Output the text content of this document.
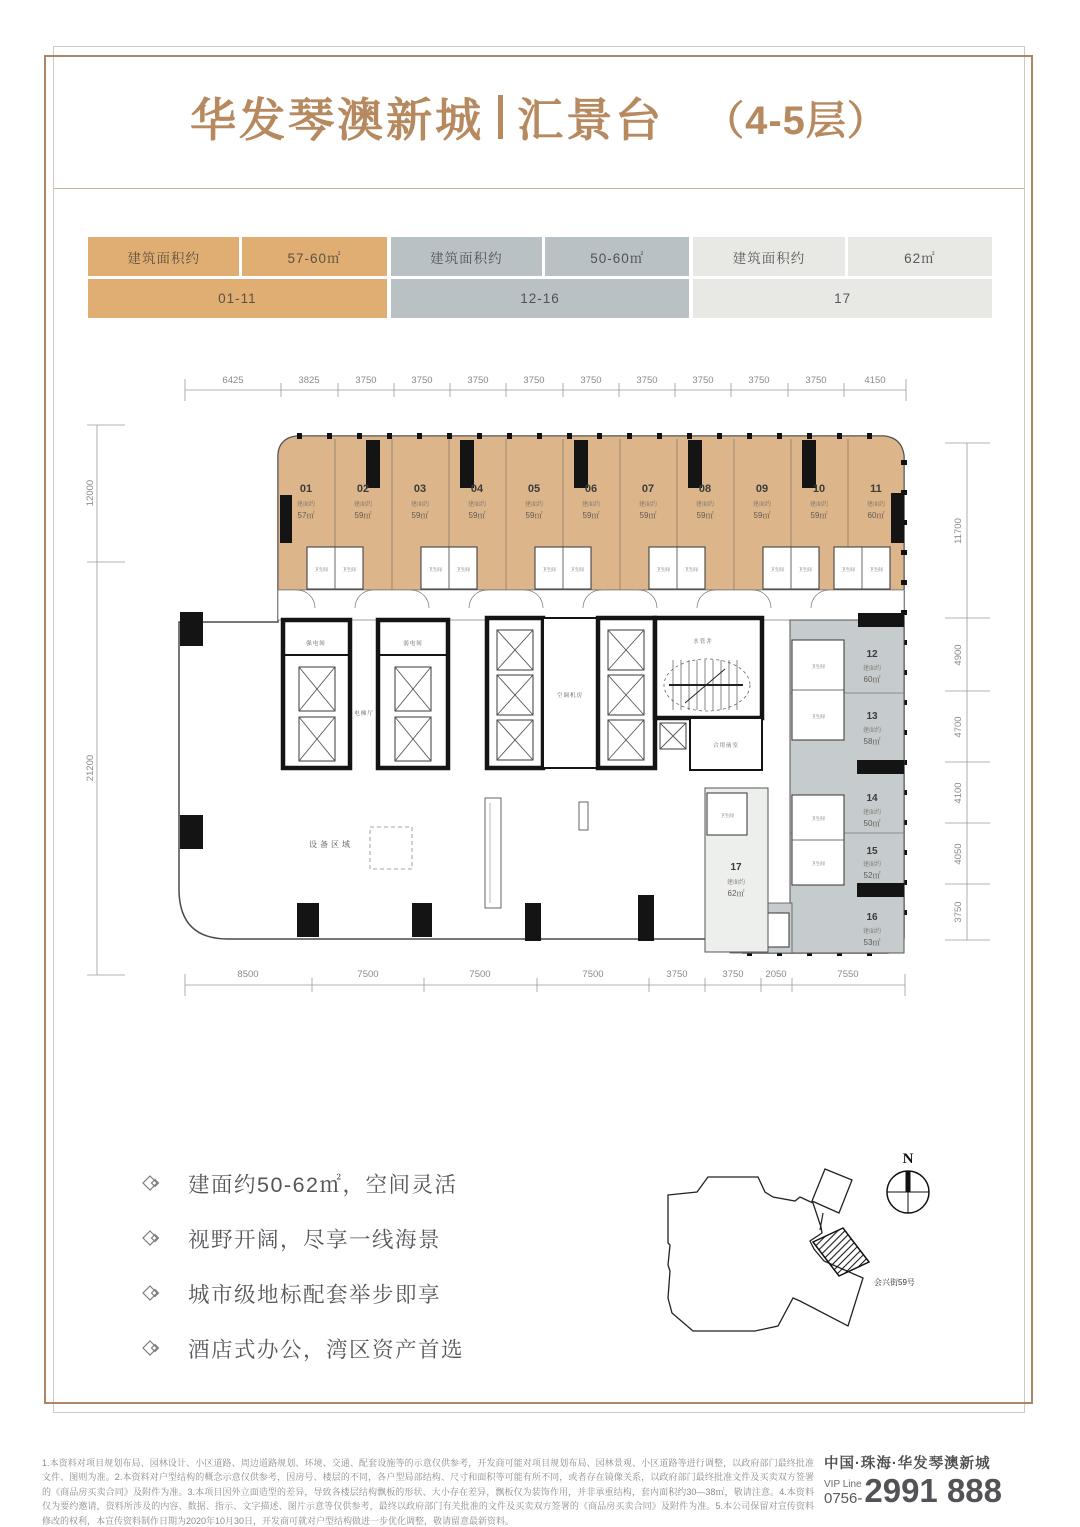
华发琴澳新城 汇景台 （4-5层）
建筑面积约	57-60㎡
01-11
建筑面积约	50-60㎡
12-16
建筑面积约	62㎡
17
6425	3825	3750	3750	3750	3750	3750	3750	3750	3750	3750	4150
8500	7500	7500	7500	3750	3750 2050	7550
12000
21200
11700
4900
4700
4100
4050
3750
01
建面约
57㎡
02
建面约
59㎡
03
建面约
59㎡
04
建面约
59㎡
05
建面约
59㎡
06
建面约
59㎡
07
建面约
59㎡
08
建面约
59㎡
09
建面约
59㎡
10
建面约
59㎡
11
建面约
60㎡
卫生间	卫生间	卫生间	卫生间	卫生间	卫生间	卫生间	卫生间	卫生间	卫生间	卫生间	卫生间
卫生间
卫生间
卫生间
卫生间
12
建面约
60㎡
13
建面约
58㎡
14
建面约
50㎡
15
建面约
52㎡
16
建面约
53㎡
卫生间
17
建面约
62㎡
强电间
电梯厅
弱电间
空调机房
水管井
合用前室
设备区域
建面约50-62㎡，空间灵活
视野开阔，尽享一线海景
城市级地标配套举步即享
酒店式办公，湾区资产首选
会兴街59号
N

1.本资料对项目规划布局、园林设计、小区道路、周边道路规划、环境、交通、配套设施等的示意仅供参考，开发商可能对项目规划布局、园林景观、小区道路等进行调整，以政府部门最终批准文件、图则为准。2.本资料对户型结构的概念示意仅供参考，因房号、楼层的不同，各户型局部结构、尺寸和面积等可能有所不同，或者存在镜像关系，以政府部门最终批准文件及买卖双方签署的《商品房买卖合同》及附件为准。3.本项目因外立面造型的差异，导致各楼层结构飘板的形状、大小存在差异，飘板仅为装饰作用，并非承重结构，套内面积约30—38㎡，敬请注意。4.本资料仅为要约邀请，资料所涉及的内容、数据、指示、文字描述、图片示意等仅供参考，最终以政府部门有关批准的文件及买卖双方签署的《商品房买卖合同》及附件为准。5.本公司保留对宣传资料修改的权利，本宣传资料制作日期为2020年10月30日，开发商可就对户型结构做进一步优化调整，敬请留意最新资料。

中国·珠海·华发琴澳新城
VIP Line
0756- 2991 888
